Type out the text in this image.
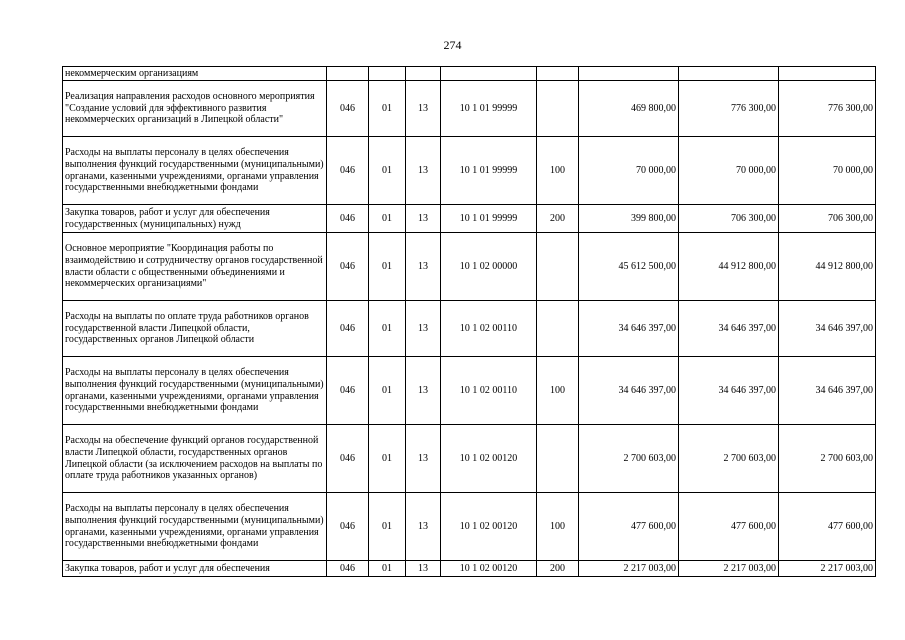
274
некоммерческим организациям								
Реализация направления расходов основного мероприятия "Создание условий для эффективного развития некоммерческих организаций в Липецкой области"	046	01	13	10 1 01 99999		469 800,00	776 300,00	776 300,00
Расходы на выплаты персоналу в целях обеспечения выполнения функций государственными (муниципальными) органами, казенными учреждениями, органами управления государственными внебюджетными фондами	046	01	13	10 1 01 99999	100	70 000,00	70 000,00	70 000,00
Закупка товаров, работ и услуг для обеспечения государственных (муниципальных) нужд	046	01	13	10 1 01 99999	200	399 800,00	706 300,00	706 300,00
Основное мероприятие "Координация работы по взаимодействию и сотрудничеству органов государственной власти области с общественными объединениями и некоммерческих организациями"	046	01	13	10 1 02 00000		45 612 500,00	44 912 800,00	44 912 800,00
Расходы на выплаты по оплате труда работников органов государственной власти Липецкой области, государственных органов Липецкой области	046	01	13	10 1 02 00110		34 646 397,00	34 646 397,00	34 646 397,00
Расходы на выплаты персоналу в целях обеспечения выполнения функций государственными (муниципальными) органами, казенными учреждениями, органами управления государственными внебюджетными фондами	046	01	13	10 1 02 00110	100	34 646 397,00	34 646 397,00	34 646 397,00
Расходы на обеспечение функций органов государственной власти Липецкой области, государственных органов Липецкой области (за исключением расходов на выплаты по оплате труда работников указанных органов)	046	01	13	10 1 02 00120		2 700 603,00	2 700 603,00	2 700 603,00
Расходы на выплаты персоналу в целях обеспечения выполнения функций государственными (муниципальными) органами, казенными учреждениями, органами управления государственными внебюджетными фондами	046	01	13	10 1 02 00120	100	477 600,00	477 600,00	477 600,00
Закупка товаров, работ и услуг для обеспечения	046	01	13	10 1 02 00120	200	2 217 003,00	2 217 003,00	2 217 003,00
